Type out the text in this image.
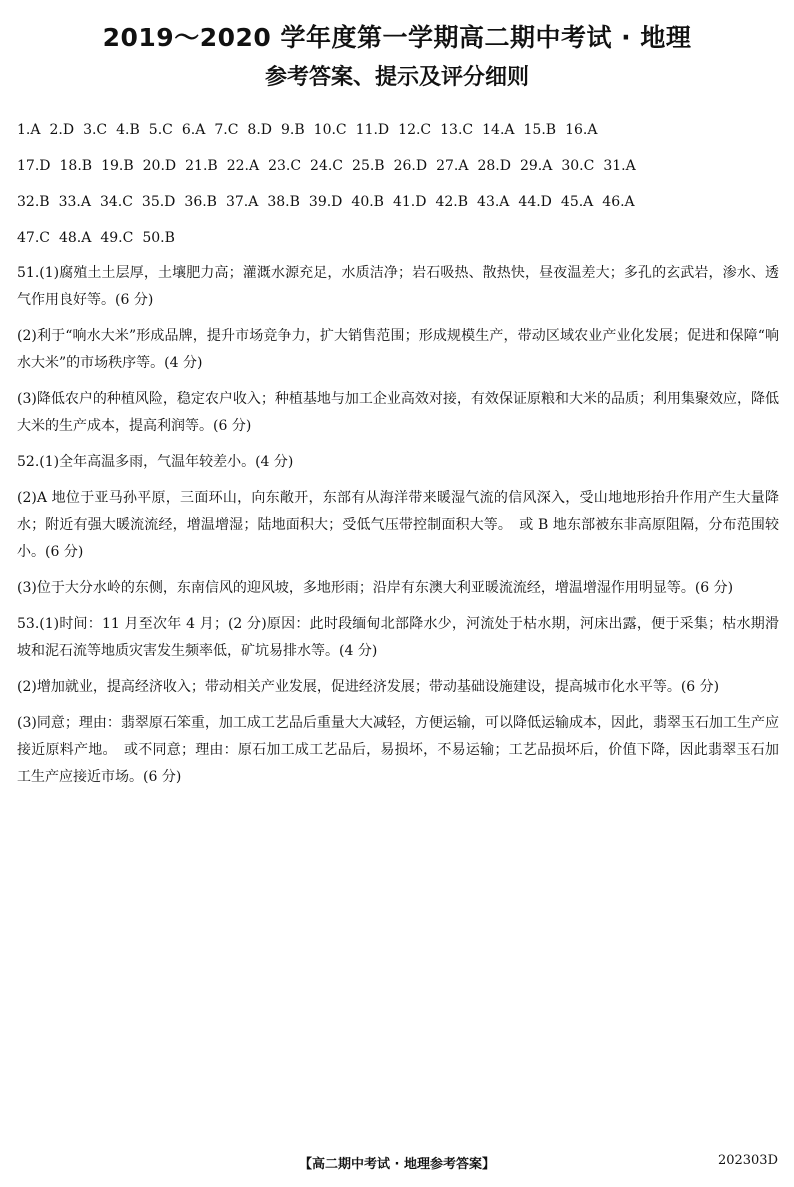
2019～2020 学年度第一学期高二期中考试 · 地理
参考答案、提示及评分细则
1.A 2.D 3.C 4.B 5.C 6.A 7.C 8.D 9.B 10.C 11.D 12.C 13.C 14.A 15.B 16.A
17.D 18.B 19.B 20.D 21.B 22.A 23.C 24.C 25.B 26.D 27.A 28.D 29.A 30.C 31.A
32.B 33.A 34.C 35.D 36.B 37.A 38.B 39.D 40.B 41.D 42.B 43.A 44.D 45.A 46.A
47.C 48.A 49.C 50.B

51.(1)腐殖土土层厚，土壤肥力高；灌溉水源充足，水质洁净；岩石吸热、散热快，昼夜温差大；多孔的玄武岩，渗水、透气作用良好等。(6 分)

(2)利于“响水大米”形成品牌，提升市场竞争力，扩大销售范围；形成规模生产，带动区域农业产业化发展；促进和保障“响水大米”的市场秩序等。(4 分)

(3)降低农户的种植风险，稳定农户收入；种植基地与加工企业高效对接，有效保证原粮和大米的品质；利用集聚效应，降低大米的生产成本，提高利润等。(6 分)

52.(1)全年高温多雨，气温年较差小。(4 分)

(2)A 地位于亚马孙平原，三面环山，向东敞开，东部有从海洋带来暖湿气流的信风深入，受山地地形抬升作用产生大量降水；附近有强大暖流流经，增温增湿；陆地面积大；受低气压带控制面积大等。　或 B 地东部被东非高原阻隔，分布范围较小。(6 分)

(3)位于大分水岭的东侧，东南信风的迎风坡，多地形雨；沿岸有东澳大利亚暖流流经，增温增湿作用明显等。(6 分)

53.(1)时间：11 月至次年 4 月；(2 分)原因：此时段缅甸北部降水少，河流处于枯水期，河床出露，便于采集；枯水期滑坡和泥石流等地质灾害发生频率低，矿坑易排水等。(4 分)

(2)增加就业，提高经济收入；带动相关产业发展，促进经济发展；带动基础设施建设，提高城市化水平等。(6 分)

(3)同意；理由：翡翠原石笨重，加工成工艺品后重量大大减轻，方便运输，可以降低运输成本，因此，翡翠玉石加工生产应接近原料产地。　或不同意；理由：原石加工成工艺品后，易损坏，不易运输；工艺品损坏后，价值下降，因此翡翠玉石加工生产应接近市场。(6 分)

【高二期中考试 · 地理参考答案】	202303D
